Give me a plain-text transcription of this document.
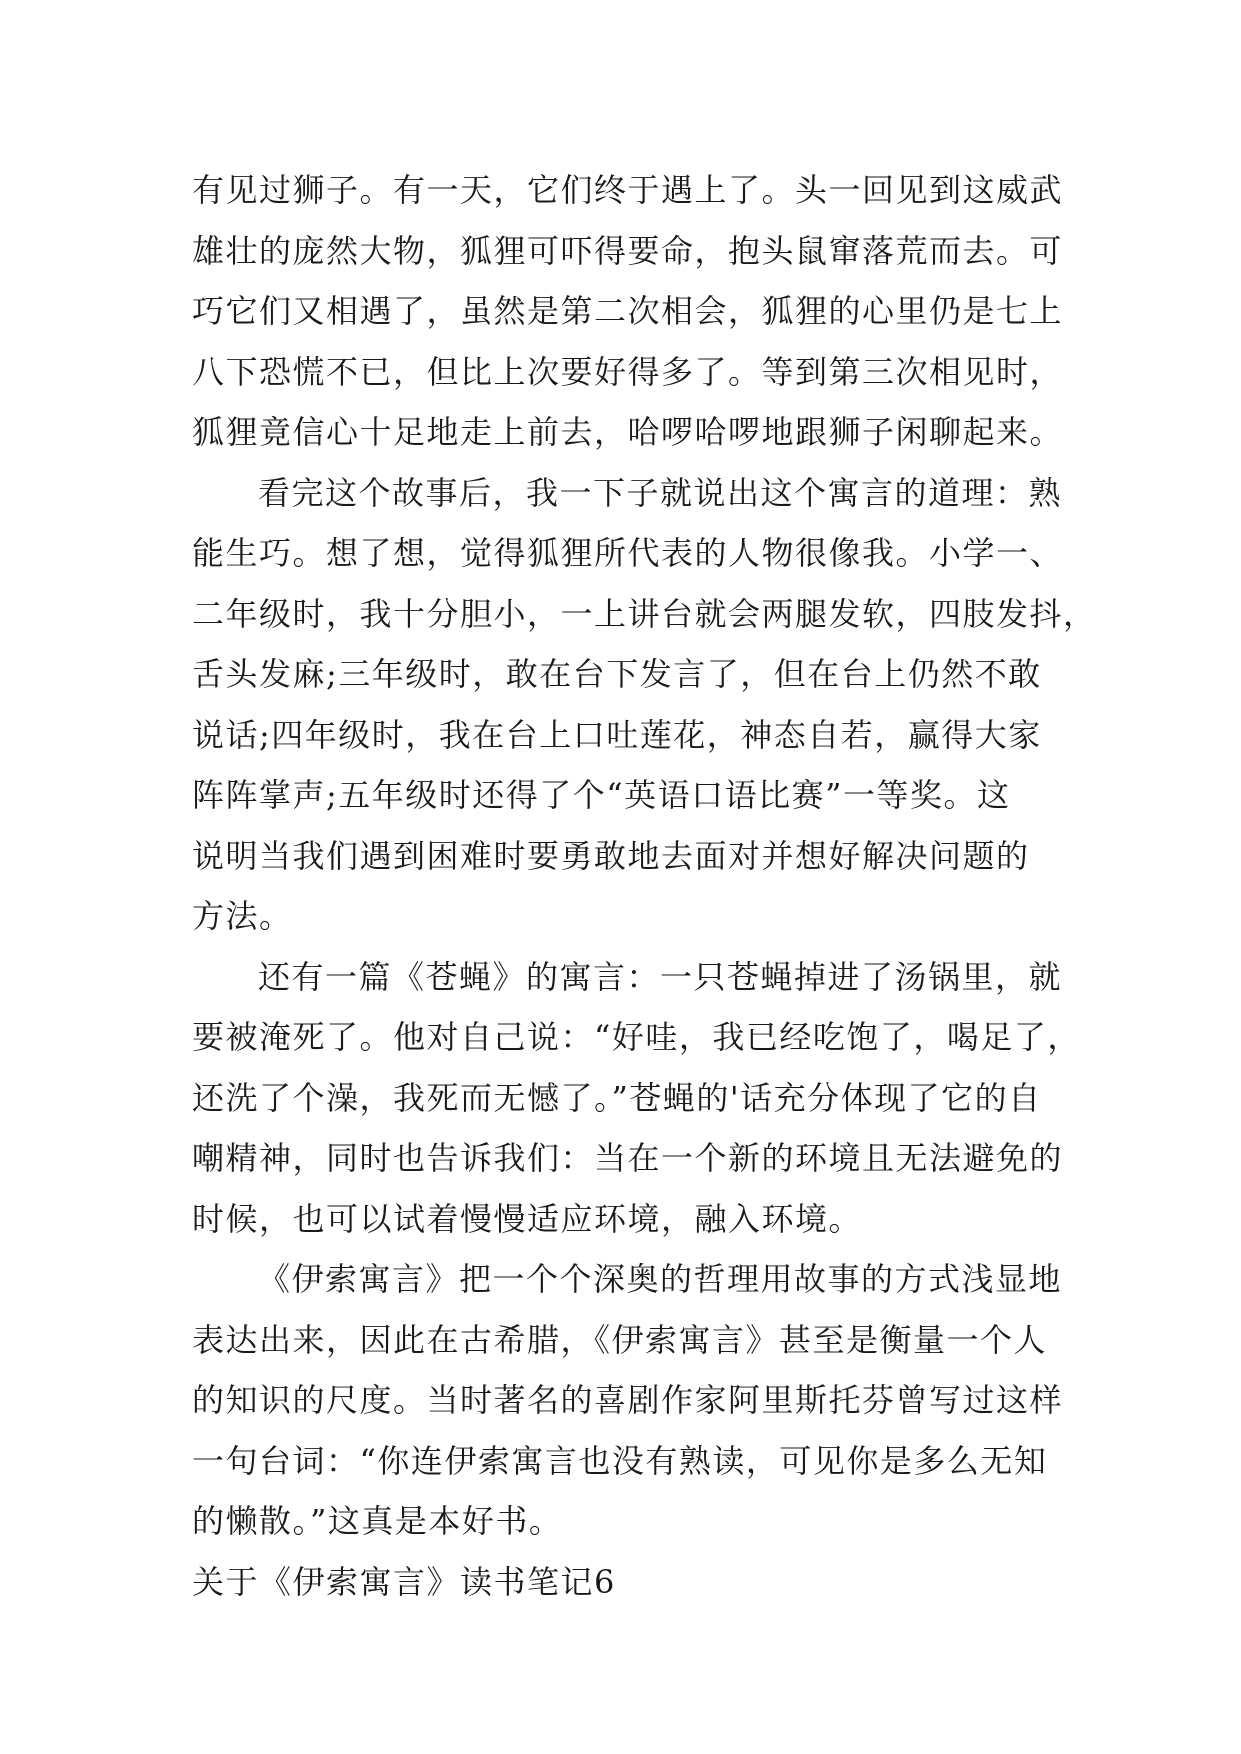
有见过狮子。有一天，它们终于遇上了。头一回见到这威武
雄壮的庞然大物，狐狸可吓得要命，抱头鼠窜落荒而去。可
巧它们又相遇了，虽然是第二次相会，狐狸的心里仍是七上
八下恐慌不已，但比上次要好得多了。等到第三次相见时，
狐狸竟信心十足地走上前去，哈啰哈啰地跟狮子闲聊起来。
看完这个故事后，我一下子就说出这个寓言的道理：熟
能生巧。想了想，觉得狐狸所代表的人物很像我。小学一、
二年级时，我十分胆小，一上讲台就会两腿发软，四肢发抖，
舌头发麻;三年级时，敢在台下发言了，但在台上仍然不敢
说话;四年级时，我在台上口吐莲花，神态自若，赢得大家
阵阵掌声;五年级时还得了个“英语口语比赛”一等奖。这
说明当我们遇到困难时要勇敢地去面对并想好解决问题的
方法。
还有一篇《苍蝇》的寓言：一只苍蝇掉进了汤锅里，就
要被淹死了。他对自己说：“好哇，我已经吃饱了，喝足了，
还洗了个澡，我死而无憾了。”苍蝇的'话充分体现了它的自
嘲精神，同时也告诉我们：当在一个新的环境且无法避免的
时候，也可以试着慢慢适应环境，融入环境。
《伊索寓言》把一个个深奥的哲理用故事的方式浅显地
表达出来，因此在古希腊，《伊索寓言》甚至是衡量一个人
的知识的尺度。当时著名的喜剧作家阿里斯托芬曾写过这样
一句台词：“你连伊索寓言也没有熟读，可见你是多么无知
的懒散。”这真是本好书。
关于《伊索寓言》读书笔记6
